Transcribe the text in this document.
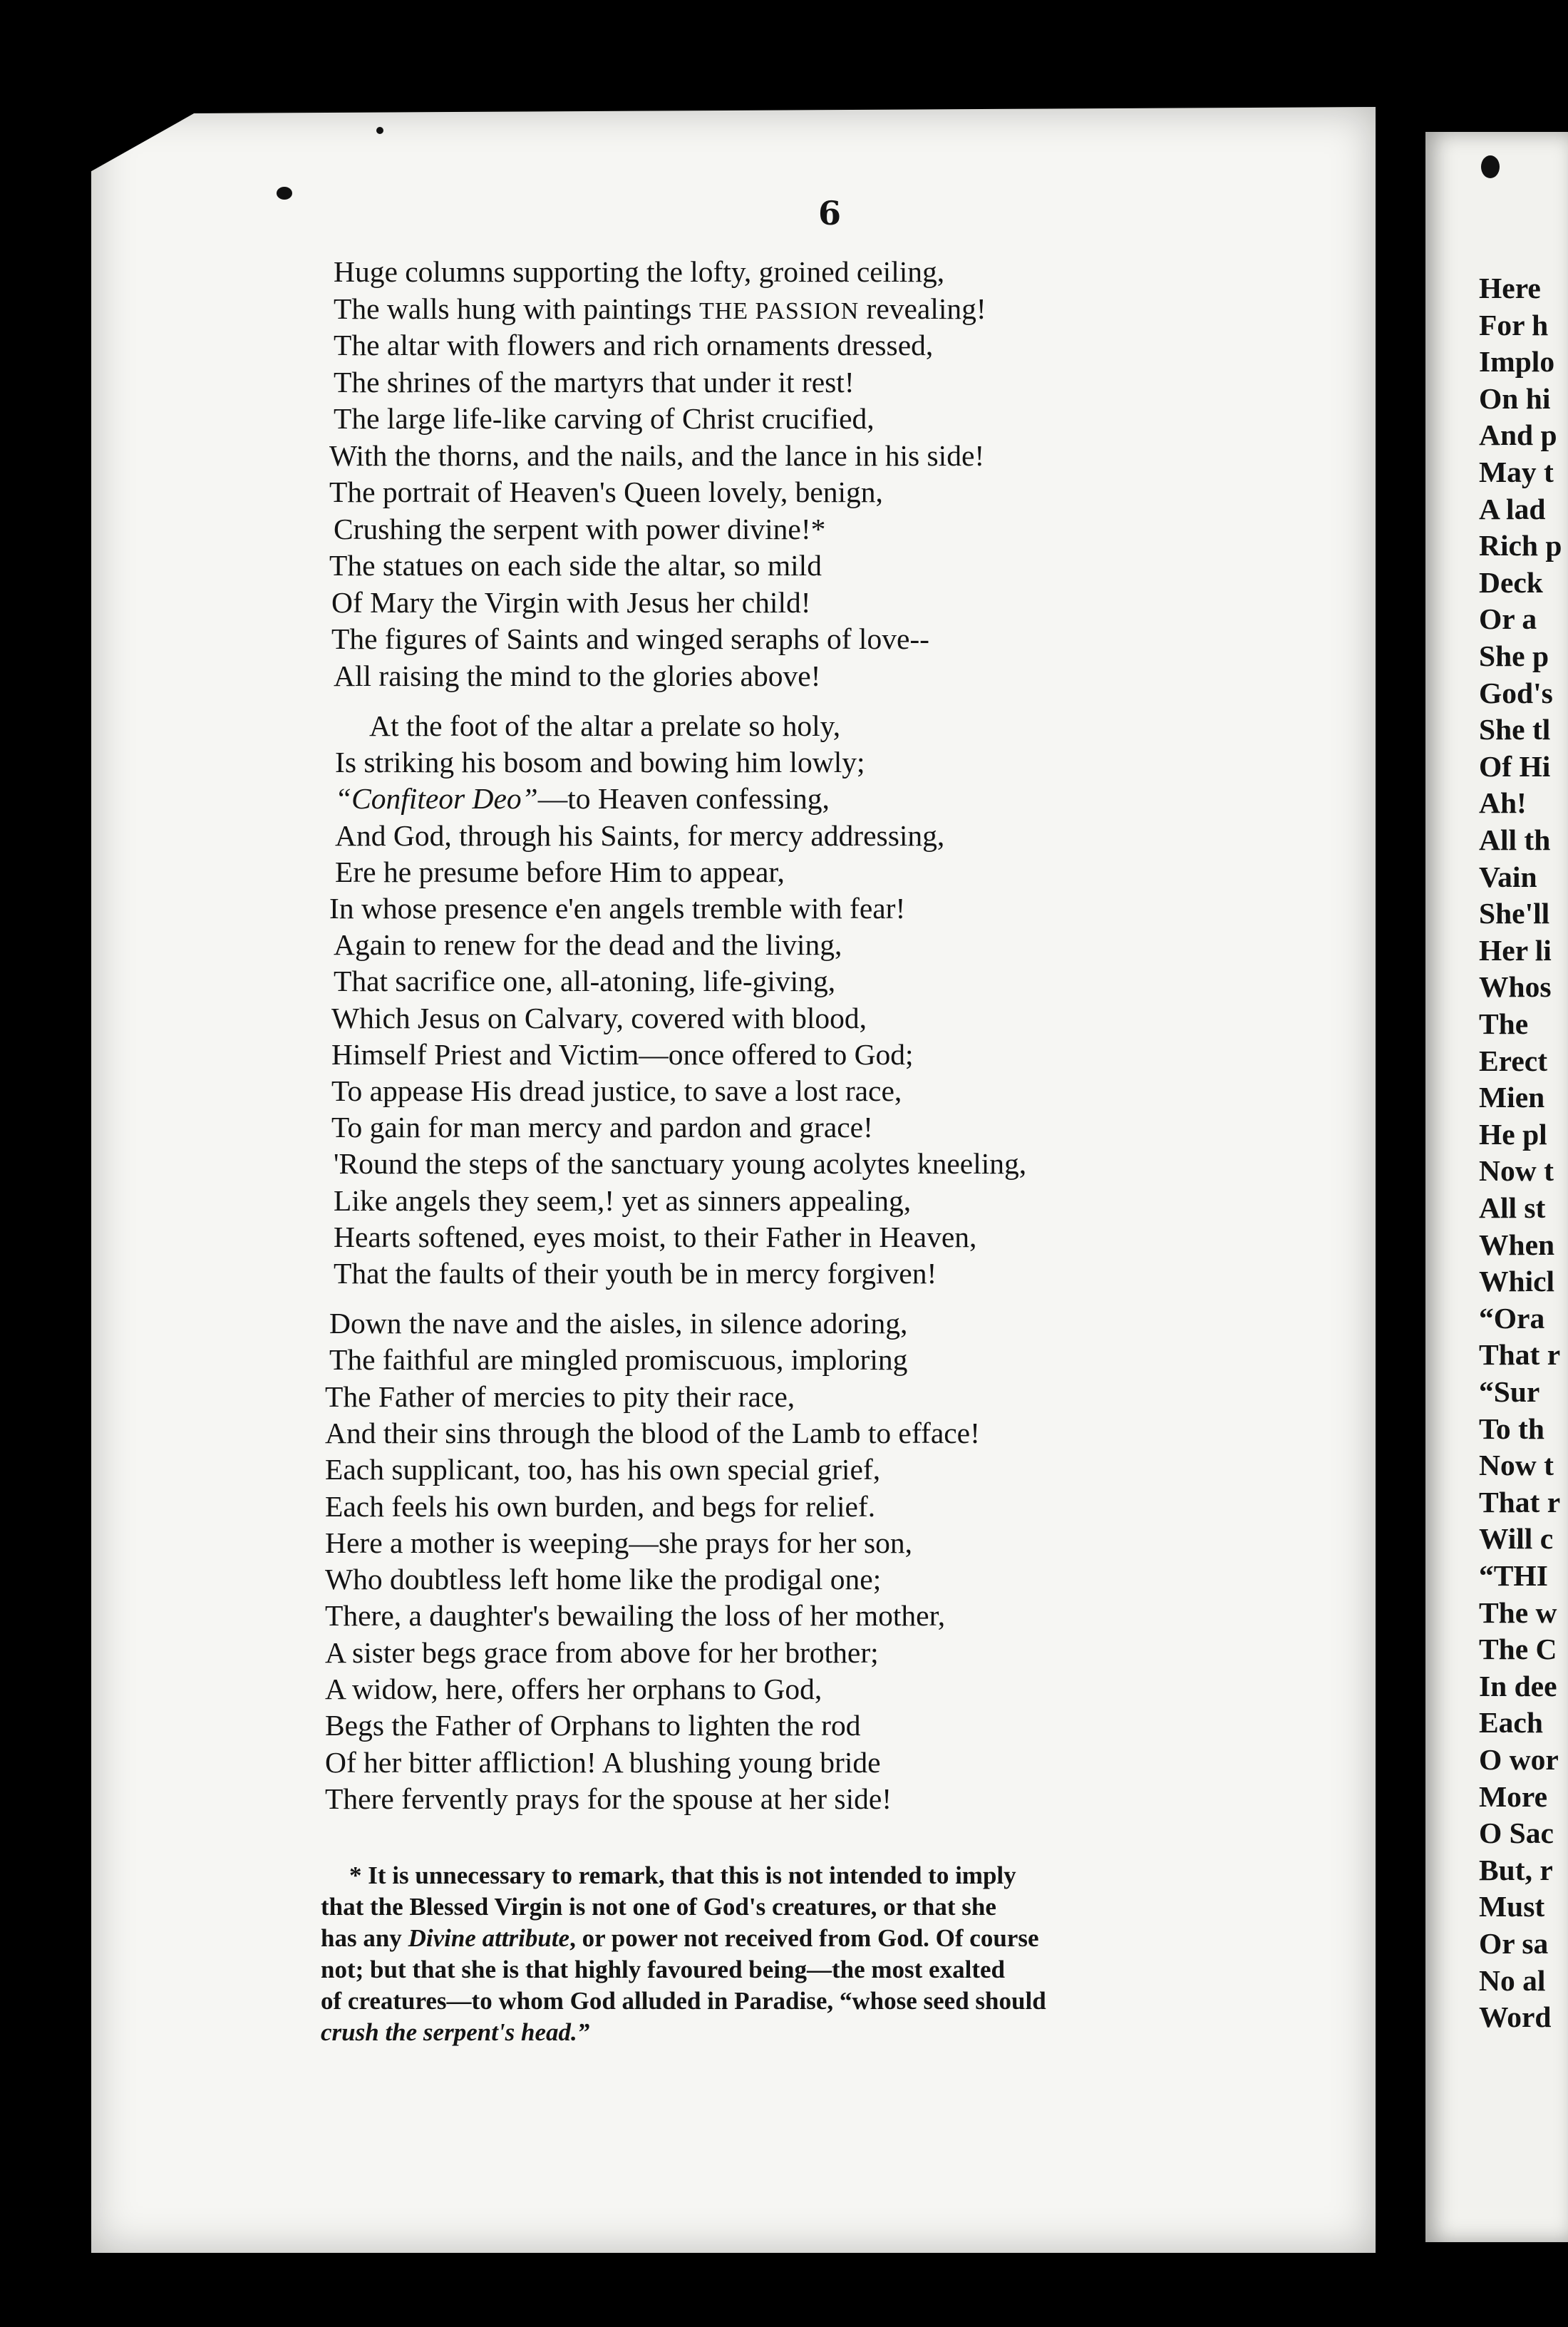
6
Huge columns supporting the lofty, groined ceiling,
The walls hung with paintings THE PASSION revealing!
The altar with flowers and rich ornaments dressed,
The shrines of the martyrs that under it rest!
The large life-like carving of Christ crucified,
With the thorns, and the nails, and the lance in his side!
The portrait of Heaven's Queen lovely, benign,
Crushing the serpent with power divine!*
The statues on each side the altar, so mild
Of Mary the Virgin with Jesus her child!
The figures of Saints and winged seraphs of love--
All raising the mind to the glories above!
At the foot of the altar a prelate so holy,
Is striking his bosom and bowing him lowly;
“Confiteor Deo”—to Heaven confessing,
And God, through his Saints, for mercy addressing,
Ere he presume before Him to appear,
In whose presence e'en angels tremble with fear!
Again to renew for the dead and the living,
That sacrifice one, all-atoning, life-giving,
Which Jesus on Calvary, covered with blood,
Himself Priest and Victim—once offered to God;
To appease His dread justice, to save a lost race,
To gain for man mercy and pardon and grace!
'Round the steps of the sanctuary young acolytes kneeling,
Like angels they seem,! yet as sinners appealing,
Hearts softened, eyes moist, to their Father in Heaven,
That the faults of their youth be in mercy forgiven!
Down the nave and the aisles, in silence adoring,
The faithful are mingled promiscuous, imploring
The Father of mercies to pity their race,
And their sins through the blood of the Lamb to efface!
Each supplicant, too, has his own special grief,
Each feels his own burden, and begs for relief.
Here a mother is weeping—she prays for her son,
Who doubtless left home like the prodigal one;
There, a daughter's bewailing the loss of her mother,
A sister begs grace from above for her brother;
A widow, here, offers her orphans to God,
Begs the Father of Orphans to lighten the rod
Of her bitter affliction! A blushing young bride
There fervently prays for the spouse at her side!
* It is unnecessary to remark, that this is not intended to imply
that the Blessed Virgin is not one of God's creatures, or that she
has any Divine attribute, or power not received from God. Of course
not; but that she is that highly favoured being—the most exalted
of creatures—to whom God alluded in Paradise, “whose seed should
crush the serpent's head.”
Here
For h
Implo
On hi
And p
May t
A lad
Rich p
Deck
Or a
She p
God's
She tl
Of Hi
Ah!
All th
Vain
She'll
Her li
Whos
The
Erect
Mien
He pl
Now t
All st
When
Whicl
“Ora
That r
“Sur
To th
Now t
That r
Will c
“THI
The w
The C
In dee
Each
O wor
More
O Sac
But, r
Must
Or sa
No al
Word
